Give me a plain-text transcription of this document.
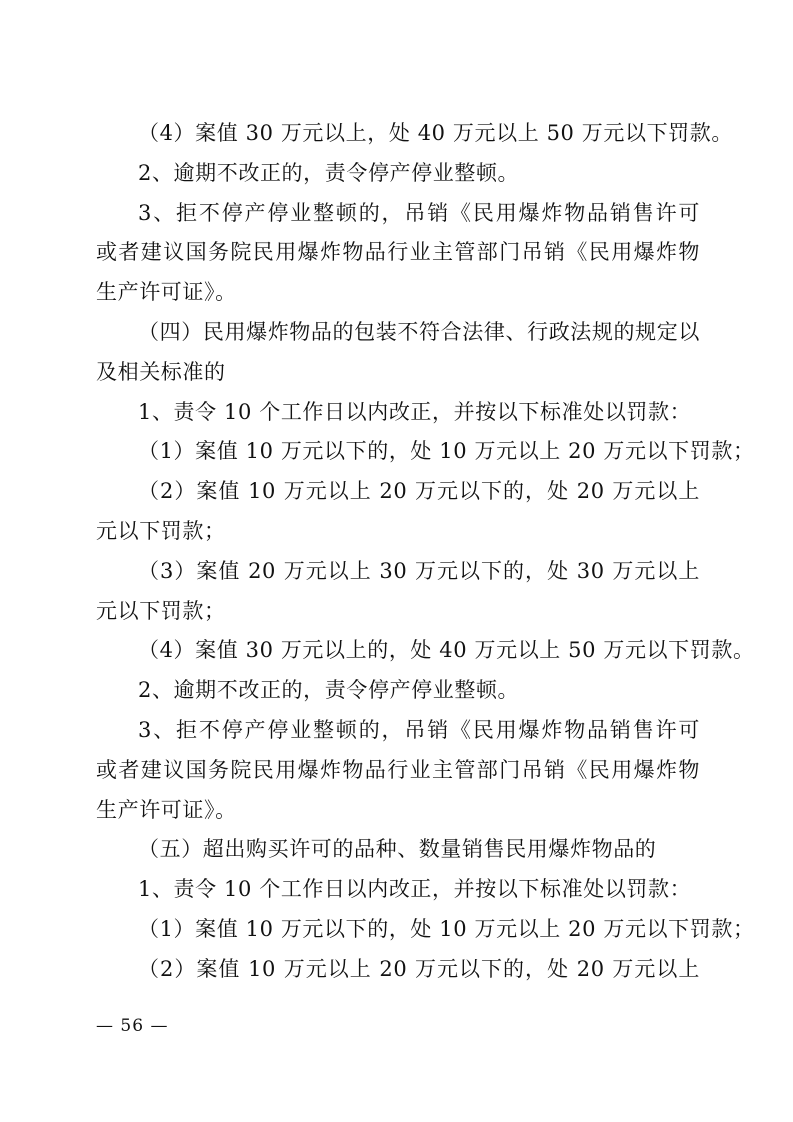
（4）案值 30 万元以上，处 40 万元以上 50 万元以下罚款。
2、逾期不改正的，责令停产停业整顿。
3、拒不停产停业整顿的，吊销《民用爆炸物品销售许可
或者建议国务院民用爆炸物品行业主管部门吊销《民用爆炸物
生产许可证》。
（四）民用爆炸物品的包装不符合法律、行政法规的规定以
及相关标准的
1、责令 10 个工作日以内改正，并按以下标准处以罚款：
（1）案值 10 万元以下的，处 10 万元以上 20 万元以下罚款；
（2）案值 10 万元以上 20 万元以下的，处 20 万元以上
元以下罚款；
（3）案值 20 万元以上 30 万元以下的，处 30 万元以上
元以下罚款；
（4）案值 30 万元以上的，处 40 万元以上 50 万元以下罚款。
2、逾期不改正的，责令停产停业整顿。
3、拒不停产停业整顿的，吊销《民用爆炸物品销售许可
或者建议国务院民用爆炸物品行业主管部门吊销《民用爆炸物
生产许可证》。
（五）超出购买许可的品种、数量销售民用爆炸物品的
1、责令 10 个工作日以内改正，并按以下标准处以罚款：
（1）案值 10 万元以下的，处 10 万元以上 20 万元以下罚款；
（2）案值 10 万元以上 20 万元以下的，处 20 万元以上
— 56 —
